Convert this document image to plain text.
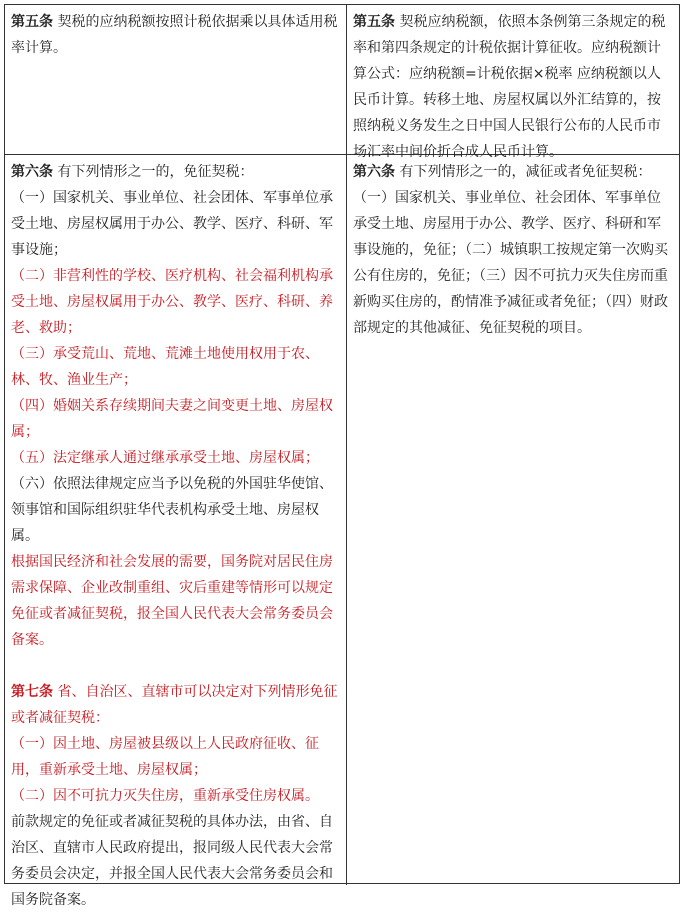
第五条 契税的应纳税额按照计税依据乘以具体适用税率计算。

第五条 契税应纳税额，依照本条例第三条规定的税率和第四条规定的计税依据计算征收。应纳税额计算公式：应纳税额=计税依据×税率 应纳税额以人民币计算。转移土地、房屋权属以外汇结算的，按照纳税义务发生之日中国人民银行公布的人民币市场汇率中间价折合成人民币计算。

第六条 有下列情形之一的，免征契税：

（一）国家机关、事业单位、社会团体、军事单位承受土地、房屋权属用于办公、教学、医疗、科研、军事设施；

（二）非营利性的学校、医疗机构、社会福利机构承受土地、房屋权属用于办公、教学、医疗、科研、养老、救助；

（三）承受荒山、荒地、荒滩土地使用权用于农、林、牧、渔业生产；

（四）婚姻关系存续期间夫妻之间变更土地、房屋权属；

（五）法定继承人通过继承承受土地、房屋权属；

（六）依照法律规定应当予以免税的外国驻华使馆、领事馆和国际组织驻华代表机构承受土地、房屋权属。

根据国民经济和社会发展的需要，国务院对居民住房需求保障、企业改制重组、灾后重建等情形可以规定免征或者减征契税，报全国人民代表大会常务委员会备案。

第七条 省、自治区、直辖市可以决定对下列情形免征或者减征契税：

（一）因土地、房屋被县级以上人民政府征收、征用，重新承受土地、房屋权属；

（二）因不可抗力灭失住房，重新承受住房权属。

前款规定的免征或者减征契税的具体办法，由省、自治区、直辖市人民政府提出，报同级人民代表大会常务委员会决定，并报全国人民代表大会常务委员会和国务院备案。

第六条 有下列情形之一的，减征或者免征契税：（一）国家机关、事业单位、社会团体、军事单位承受土地、房屋用于办公、教学、医疗、科研和军事设施的，免征；（二）城镇职工按规定第一次购买公有住房的，免征；（三）因不可抗力灭失住房而重新购买住房的，酌情准予减征或者免征；（四）财政部规定的其他减征、免征契税的项目。
